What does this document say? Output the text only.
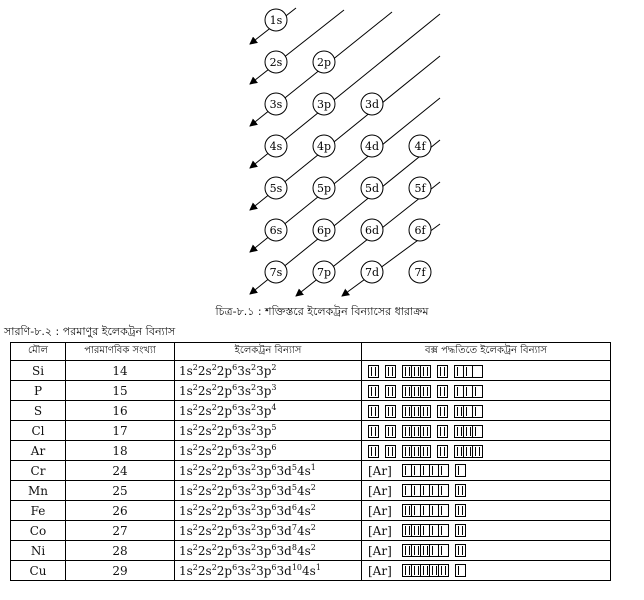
1s
2s	2p
3s	3p	3d
4s	4p	4d	4f
5s	5p	5d	5f
6s	6p	6d	6f
7s	7p	7d	7f
চিত্র-৮.১ : শক্তিস্তরে ইলেকট্রন বিন্যাসের ধারাক্রম
সারণি-৮.২ : পরমাণুর ইলেকট্রন বিন্যাস
মৌল	পারমাণবিক সংখ্যা	ইলেকট্রন বিন্যাস	বক্স পদ্ধতিতে ইলেকট্রন বিন্যাস
Si	14	$1s^22s^22p^63s^23p^2$	

P	15	$1s^22s^22p^63s^23p^3$	

S	16	$1s^22s^22p^63s^23p^4$	

Cl	17	$1s^22s^22p^63s^23p^5$	

Ar	18	$1s^22s^22p^63s^23p^6$	

Cr	24	$1s^22s^22p^63s^23p^63d^54s^1$	[Ar]

Mn	25	$1s^22s^22p^63s^23p^63d^54s^2$	[Ar]

Fe	26	$1s^22s^22p^63s^23p^63d^64s^2$	[Ar]

Co	27	$1s^22s^22p^63s^23p^63d^74s^2$	[Ar]

Ni	28	$1s^22s^22p^63s^23p^63d^84s^2$	[Ar]

Cu	29	$1s^22s^22p^63s^23p^63d^{10}4s^1$	[Ar]
